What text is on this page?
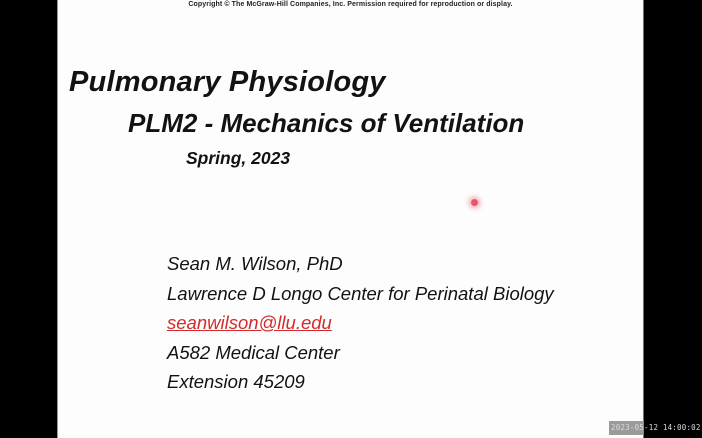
Copyright © The McGraw-Hill Companies, Inc. Permission required for reproduction or display.
Pulmonary Physiology
PLM2 - Mechanics of Ventilation
Spring, 2023
Sean M. Wilson, PhD
Lawrence D Longo Center for Perinatal Biology
seanwilson@llu.edu
A582 Medical Center
Extension 45209
2023-05-12 14:00:02
